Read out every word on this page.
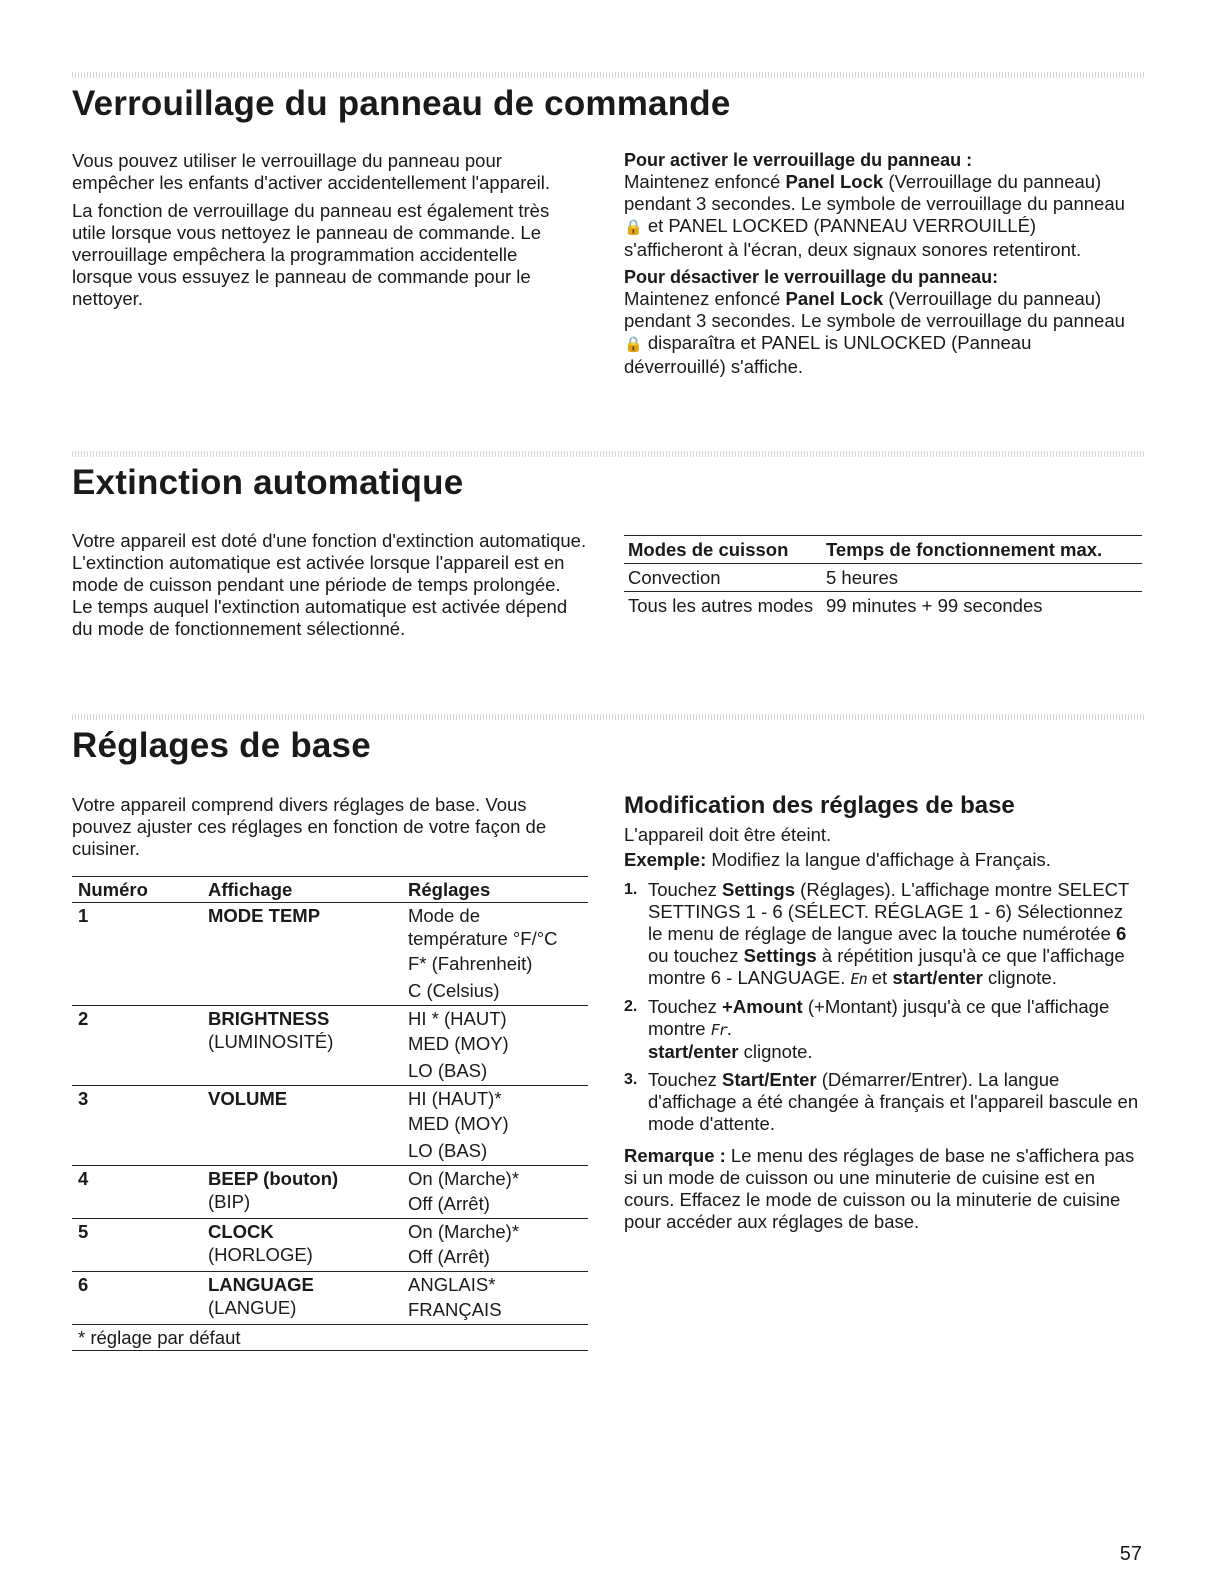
Verrouillage du panneau de commande

Vous pouvez utiliser le verrouillage du panneau pour empêcher les enfants d'activer accidentellement l'appareil.

La fonction de verrouillage du panneau est également très utile lorsque vous nettoyez le panneau de commande. Le verrouillage empêchera la programmation accidentelle lorsque vous essuyez le panneau de commande pour le nettoyer.

Pour activer le verrouillage du panneau :

Maintenez enfoncé Panel Lock (Verrouillage du panneau) pendant 3 secondes. Le symbole de verrouillage du panneau 🔒 et PANEL LOCKED (PANNEAU VERROUILLÉ) s'afficheront à l'écran, deux signaux sonores retentiront.

Pour désactiver le verrouillage du panneau:

Maintenez enfoncé Panel Lock (Verrouillage du panneau) pendant 3 secondes. Le symbole de verrouillage du panneau 🔒 disparaîtra et PANEL is UNLOCKED (Panneau déverrouillé) s'affiche.

Extinction automatique

Votre appareil est doté d'une fonction d'extinction automatique. L'extinction automatique est activée lorsque l'appareil est en mode de cuisson pendant une période de temps prolongée.

Le temps auquel l'extinction automatique est activée dépend du mode de fonctionnement sélectionné.

Modes de cuisson	Temps de fonctionnement max.
Convection	5 heures
Tous les autres modes	99 minutes + 99 secondes
Réglages de base

Votre appareil comprend divers réglages de base. Vous pouvez ajuster ces réglages en fonction de votre façon de cuisiner.

Numéro	Affichage	Réglages
1	MODE TEMP	Mode de température °F/°C
F* (Fahrenheit)
C (Celsius)

2	BRIGHTNESS
(LUMINOSITÉ)	HI * (HAUT)
MED (MOY)
LO (BAS)

3	VOLUME	HI (HAUT)*
MED (MOY)
LO (BAS)

4	BEEP (bouton)
(BIP)	On (Marche)*
Off (Arrêt)

5	CLOCK
(HORLOGE)	On (Marche)*
Off (Arrêt)

6	LANGUAGE
(LANGUE)	ANGLAIS*
FRANÇAIS

* réglage par défaut		
Modification des réglages de base

L'appareil doit être éteint.

Exemple: Modifiez la langue d'affichage à Français.

1. Touchez Settings (Réglages). L'affichage montre SELECT SETTINGS 1 - 6 (SÉLECT. RÉGLAGE 1 - 6) Sélectionnez le menu de réglage de langue avec la touche numérotée 6 ou touchez Settings à répétition jusqu'à ce que l'affichage montre 6 - LANGUAGE. En et start/enter clignote.
2. Touchez +Amount (+Montant) jusqu'à ce que l'affichage montre Fr.
start/enter clignote.
3. Touchez Start/Enter (Démarrer/Entrer). La langue d'affichage a été changée à français et l'appareil bascule en mode d'attente.

Remarque : Le menu des réglages de base ne s'affichera pas si un mode de cuisson ou une minuterie de cuisine est en cours. Effacez le mode de cuisson ou la minuterie de cuisine pour accéder aux réglages de base.

57
